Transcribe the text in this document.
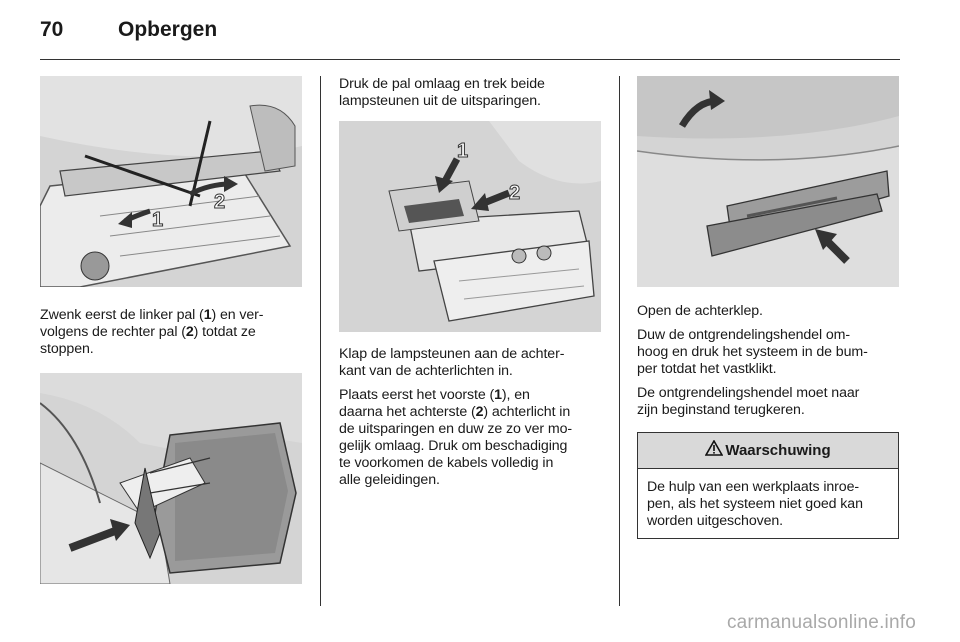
70	Opbergen
1
2

Zwenk eerst de linker pal (1) en ver-
volgens de rechter pal (2) totdat ze
stoppen.

Druk de pal omlaag en trek beide
lampsteunen uit de uitsparingen.

1
2

Klap de lampsteunen aan de achter-
kant van de achterlichten in.

Plaats eerst het voorste (1), en
daarna het achterste (2) achterlicht in
de uitsparingen en duw ze zo ver mo-
gelijk omlaag. Druk om beschadiging
te voorkomen de kabels volledig in
alle geleidingen.

Open de achterklep.

Duw de ontgrendelingshendel om-
hoog en druk het systeem in de bum-
per totdat het vastklikt.

De ontgrendelingshendel moet naar
zijn beginstand terugkeren.

Waarschuwing

De hulp van een werkplaats inroe-
pen, als het systeem niet goed kan
worden uitgeschoven.

carmanualsonline.info
